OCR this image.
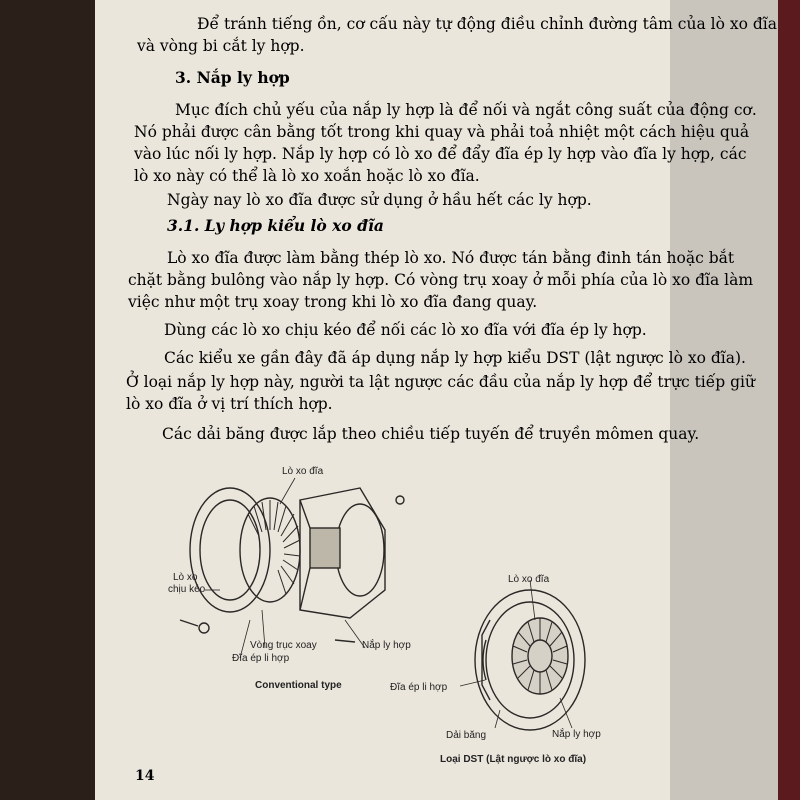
Để tránh tiếng ồn, cơ cấu này tự động điều chỉnh đường tâm của lò xo đĩa
và vòng bi cắt ly hợp.
3. Nắp ly hợp
Mục đích chủ yếu của nắp ly hợp là để nối và ngắt công suất của động cơ.
Nó phải được cân bằng tốt trong khi quay và phải toả nhiệt một cách hiệu quả
vào lúc nối ly hợp. Nắp ly hợp có lò xo để đẩy đĩa ép ly hợp vào đĩa ly hợp, các
lò xo này có thể là lò xo xoắn hoặc lò xo đĩa.
Ngày nay lò xo đĩa được sử dụng ở hầu hết các ly hợp.
3.1. Ly hợp kiểu lò xo đĩa
Lò xo đĩa được làm bằng thép lò xo. Nó được tán bằng đinh tán hoặc bắt
chặt bằng bulông vào nắp ly hợp. Có vòng trụ xoay ở mỗi phía của lò xo đĩa làm
việc như một trụ xoay trong khi lò xo đĩa đang quay.
Dùng các lò xo chịu kéo để nối các lò xo đĩa với đĩa ép ly hợp.
Các kiểu xe gần đây đã áp dụng nắp ly hợp kiểu DST (lật ngược lò xo đĩa).
Ở loại nắp ly hợp này, người ta lật ngược các đầu của nắp ly hợp để trực tiếp giữ
lò xo đĩa ở vị trí thích hợp.
Các dải băng được lắp theo chiều tiếp tuyến để truyền mômen quay.
Lò xo đĩa
Lò xo
chịu kéo
Vòng trục xoay
Đĩa ép li hợp
Nắp ly hợp
Conventional type
Lò xo đĩa
Đĩa ép li hợp
Dải băng	Nắp ly hợp
Loại DST (Lật ngược lò xo đĩa)
14
